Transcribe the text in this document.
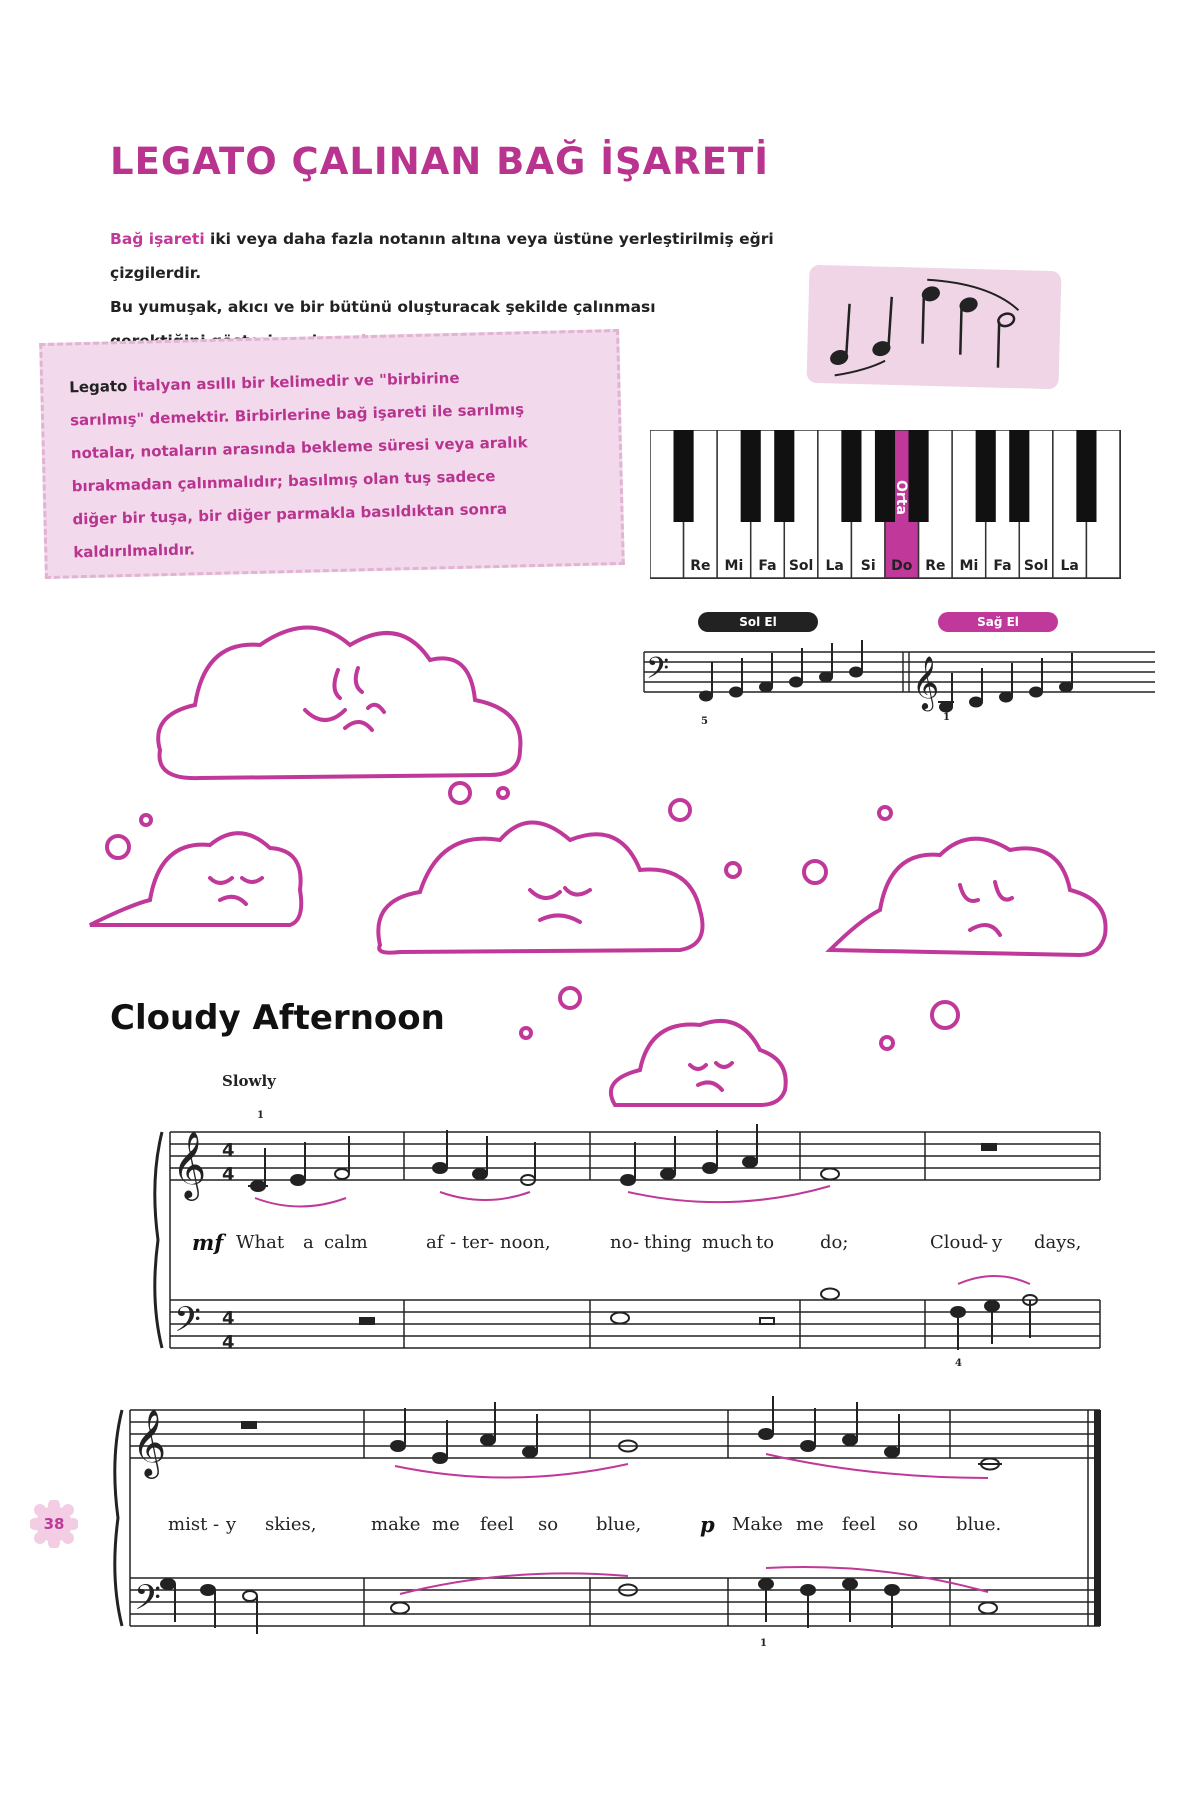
LEGATO ÇALINAN BAĞ İŞARETİ
Bağ işareti iki veya daha fazla notanın altına veya üstüne yerleştirilmiş eğri çizgilerdir.
Bu yumuşak, akıcı ve bir bütünü oluşturacak şekilde çalınması
Legato İtalyan asıllı bir kelimedir ve "birbirine
sarılmış" demektir. Birbirlerine bağ işareti ile sarılmış
notalar, notaların arasında bekleme süresi veya aralık
bırakmadan çalınmalıdır; basılmış olan tuş sadece
diğer bir tuşa, bir diğer parmakla basıldıktan sonra
kaldırılmalıdır.
Re Mi Fa Sol La Si Do Re Mi Fa Sol La
Orta
Sol El	Sağ El
𝄢	𝄞
5	1
Cloudy Afternoon
Slowly
𝄞
𝄢
4
4
4
4
1
4
mf What a calm	af - ter - noon,	no - thing much to	do;	Cloud
- y days,
𝄞
𝄢
1
p
mist - y skies,	make me feel so blue,	Make me feel so blue.
38
